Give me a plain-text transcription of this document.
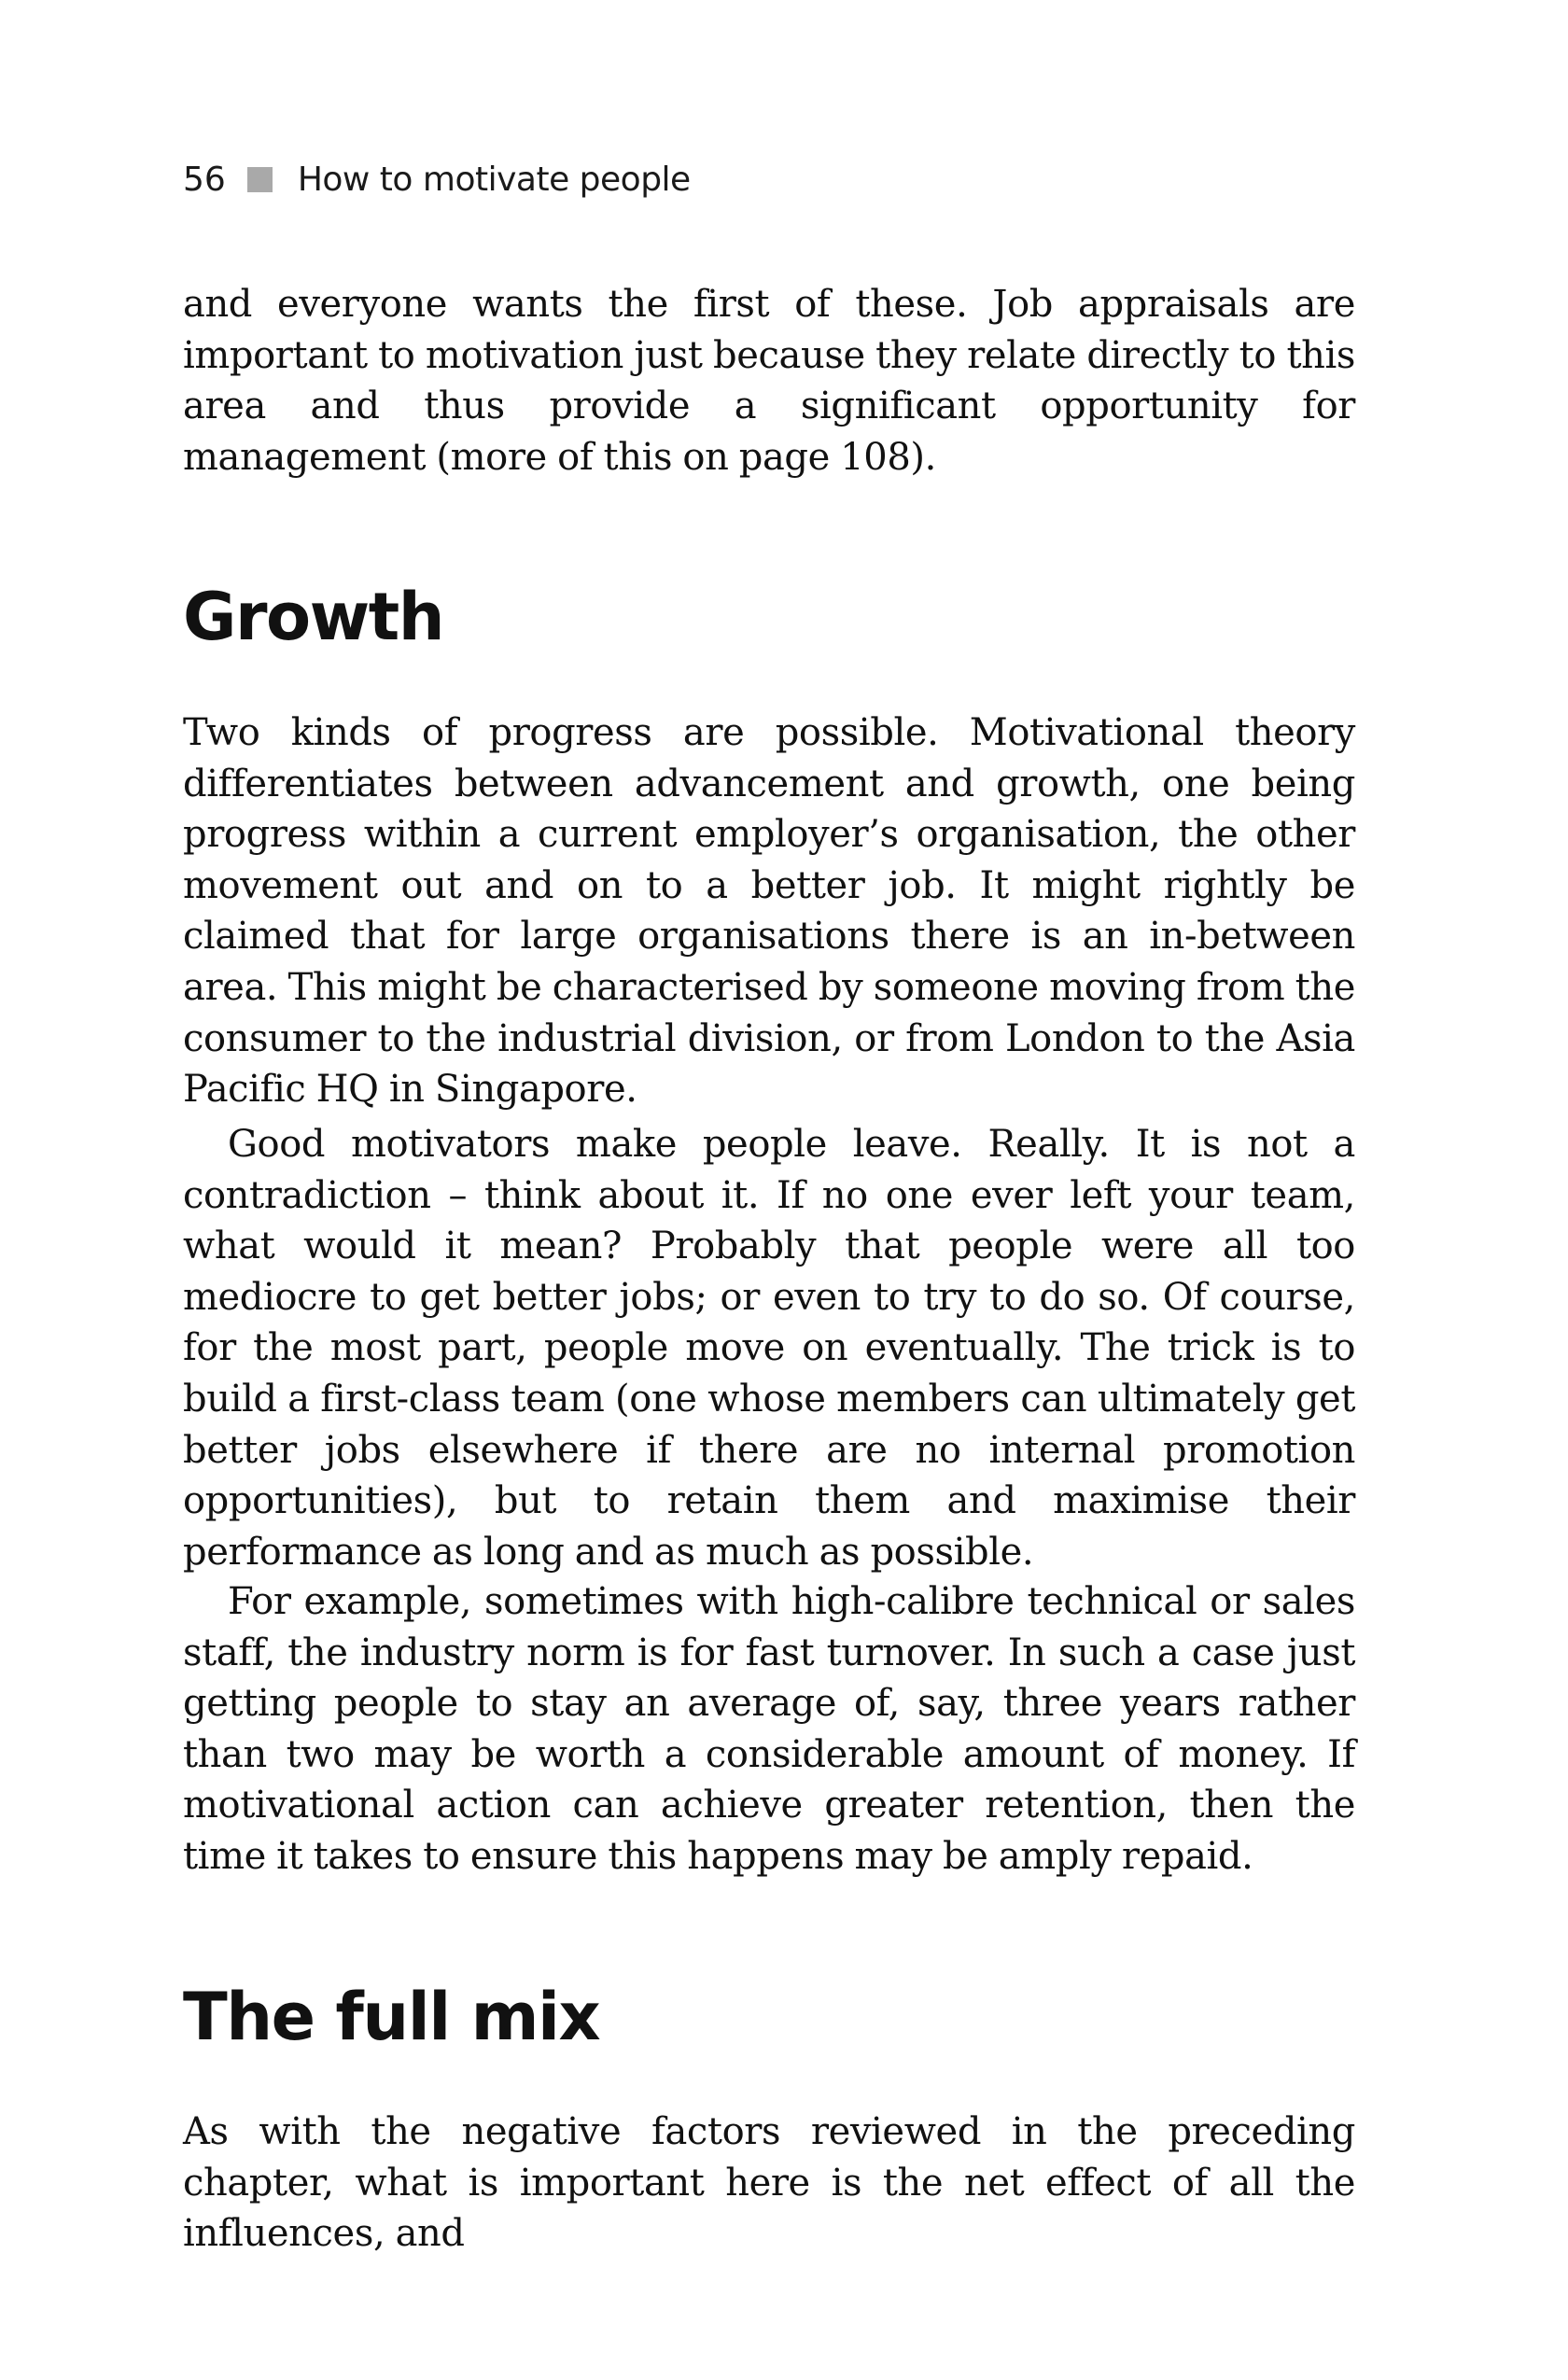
56 How to motivate people

and everyone wants the first of these. Job appraisals are important to motivation just because they relate directly to this area and thus provide a significant opportunity for management (more of this on page 108).

Growth

Two kinds of progress are possible. Motivational theory differentiates between advancement and growth, one being progress within a current employer’s organisation, the other movement out and on to a better job. It might rightly be claimed that for large organisations there is an in-between area. This might be characterised by someone moving from the consumer to the industrial division, or from London to the Asia Pacific HQ in Singapore.

Good motivators make people leave. Really. It is not a contradiction – think about it. If no one ever left your team, what would it mean? Probably that people were all too mediocre to get better jobs; or even to try to do so. Of course, for the most part, people move on eventually. The trick is to build a first-class team (one whose members can ultimately get better jobs elsewhere if there are no internal promotion opportunities), but to retain them and maximise their performance as long and as much as possible.

For example, sometimes with high-calibre technical or sales staff, the industry norm is for fast turnover. In such a case just getting people to stay an average of, say, three years rather than two may be worth a considerable amount of money. If motivational action can achieve greater retention, then the time it takes to ensure this happens may be amply repaid.

The full mix

As with the negative factors reviewed in the preceding chapter, what is important here is the net effect of all the influences, and
